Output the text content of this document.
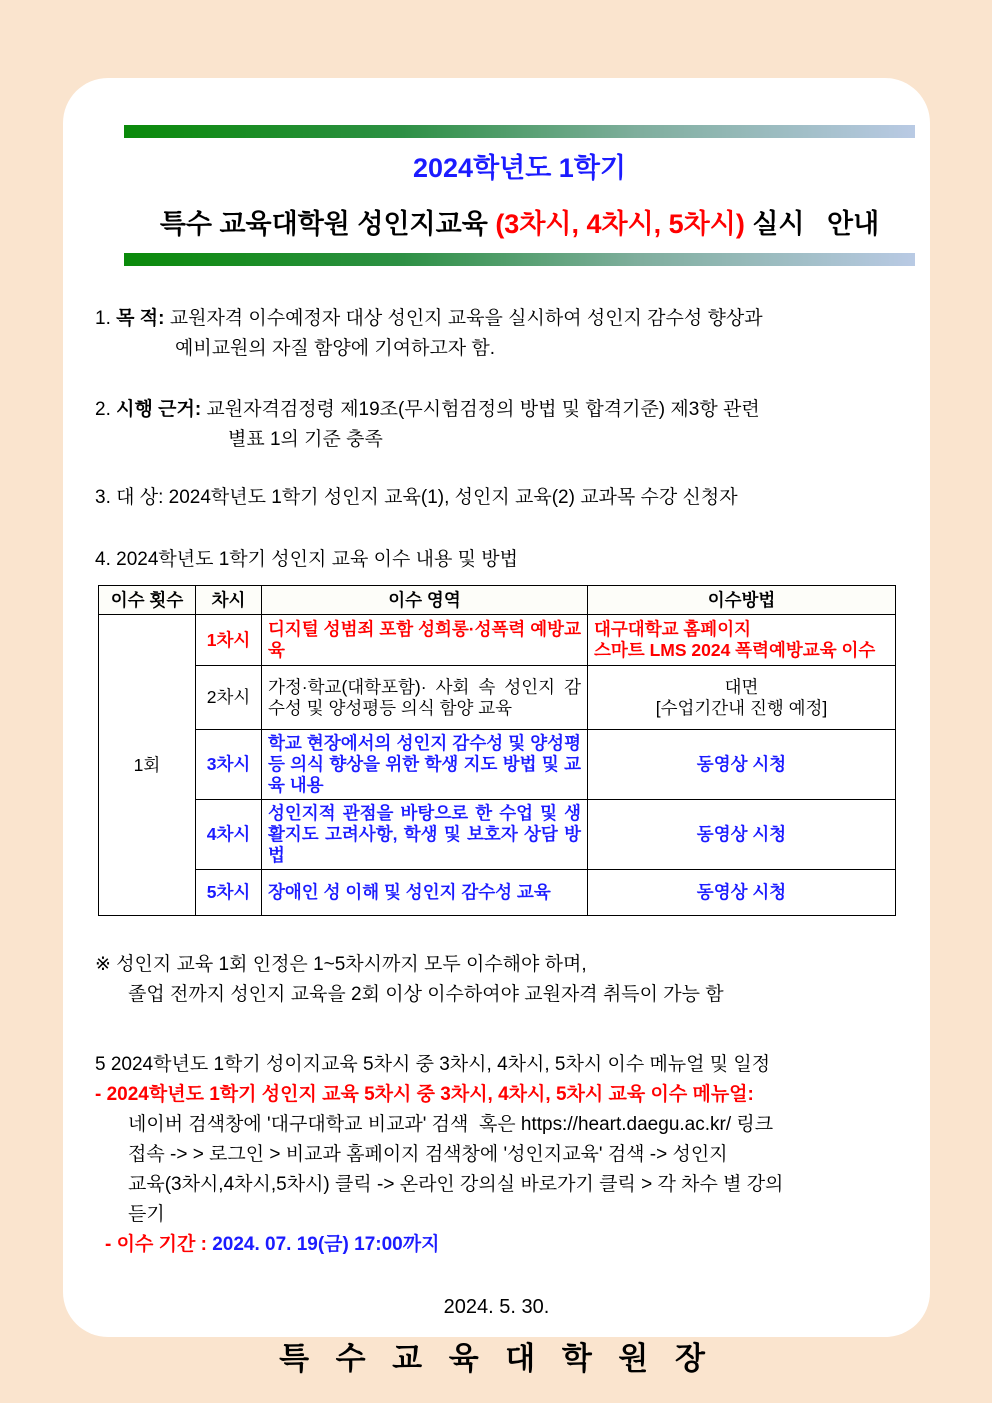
2024학년도 1학기
특수 교육대학원 성인지교육 (3차시, 4차시, 5차시) 실시   안내
1. 목 적: 교원자격 이수예정자 대상 성인지 교육을 실시하여 성인지 감수성 향상과
예비교원의 자질 함양에 기여하고자 함.
2. 시행 근거: 교원자격검정령 제19조(무시험검정의 방법 및 합격기준) 제3항 관련
별표 1의 기준 충족
3. 대 상: 2024학년도 1학기 성인지 교육(1), 성인지 교육(2) 교과목 수강 신청자
4. 2024학년도 1학기 성인지 교육 이수 내용 및 방법
이수 횟수	차시	이수 영역	이수방법
1회	1차시	디지털 성범죄 포함 성희롱·성폭력 예방교육	대구대학교 홈페이지
스마트 LMS 2024 폭력예방교육 이수

	2차시	가정·학교(대학포함)· 사회 속 성인지 감수성 및 양성평등 의식 함양 교육	대면
[수업기간내 진행 예정]

	3차시	학교 현장에서의 성인지 감수성 및 양성평등 의식 향상을 위한 학생 지도 방법 및 교육 내용	동영상 시청
	4차시	성인지적 관점을 바탕으로 한 수업 및 생활지도 고려사항, 학생 및 보호자 상담 방법	동영상 시청
	5차시	장애인 성 이해 및 성인지 감수성 교육	동영상 시청
※ 성인지 교육 1회 인정은 1~5차시까지 모두 이수해야 하며,
졸업 전까지 성인지 교육을 2회 이상 이수하여야 교원자격 취득이 가능 함
5 2024학년도 1학기 성이지교육 5차시 중 3차시, 4차시, 5차시 이수 메뉴얼 및 일정
- 2024학년도 1학기 성인지 교육 5차시 중 3차시, 4차시, 5차시 교육 이수 메뉴얼:
네이버 검색창에 '대구대학교 비교과' 검색  혹은 https://heart.daegu.ac.kr/ 링크
접속 -> > 로그인 > 비교과 홈페이지 검색창에 '성인지교육' 검색 -> 성인지
교육(3차시,4차시,5차시) 클릭 -> 온라인 강의실 바로가기 클릭 > 각 차수 별 강의
듣기
- 이수 기간 : 2024. 07. 19(금) 17:00까지
2024. 5. 30.
특 수 교 육 대 학 원 장
